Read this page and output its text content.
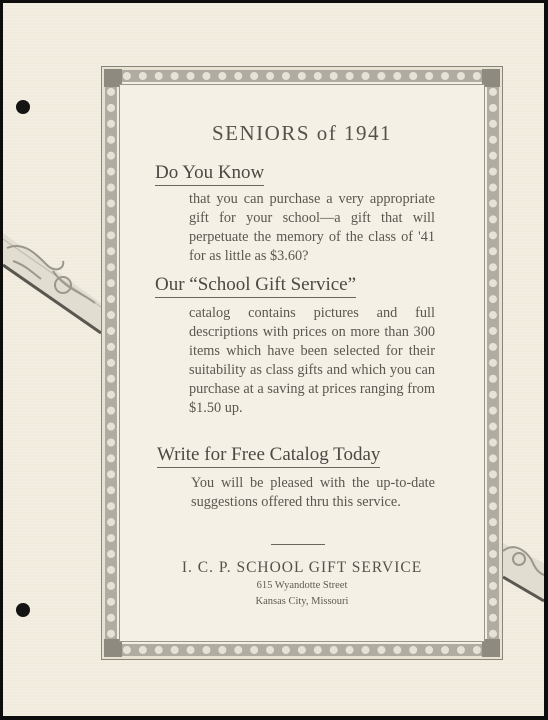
SENIORS of 1941
Do You Know
that you can purchase a very appropriate gift for your school—a gift that will perpetuate the memory of the class of '41 for as little as $3.60?
Our “School Gift Service”
catalog contains pictures and full descriptions with prices on more than 300 items which have been selected for their suitability as class gifts and which you can purchase at a saving at prices ranging from $1.50 up.
Write for Free Catalog Today
You will be pleased with the up-to-date suggestions offered thru this service.
I. C. P. SCHOOL GIFT SERVICE
615 Wyandotte Street
Kansas City, Missouri
